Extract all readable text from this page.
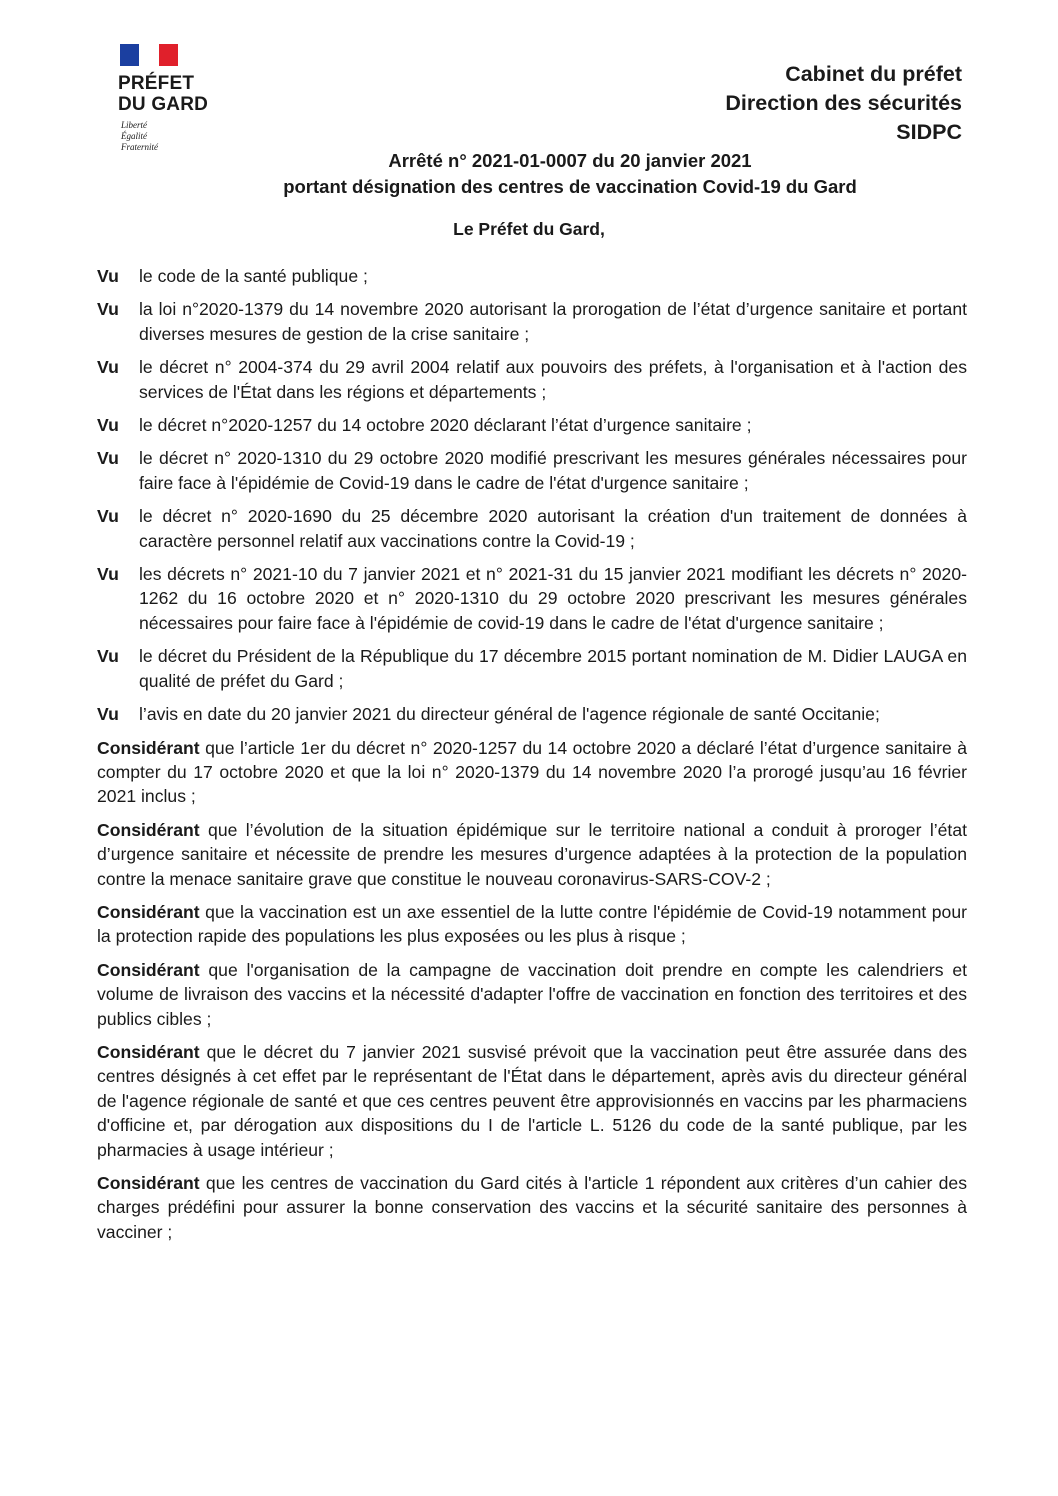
PRÉFET
DU GARD
Liberté
Égalité
Fraternité
Cabinet du préfet
Direction des sécurités
SIDPC
Arrêté n° 2021-01-0007 du 20 janvier 2021
portant désignation des centres de vaccination Covid-19 du Gard
Le Préfet du Gard,
Vu	le code de la santé publique ;
Vu	la loi n°2020-1379 du 14 novembre 2020 autorisant la prorogation de l’état d’urgence sanitaire et portant diverses mesures de gestion de la crise sanitaire ;
Vu	le décret n° 2004-374 du 29 avril 2004 relatif aux pouvoirs des préfets, à l'organisation et à l'action des services de l'État dans les régions et départements ;
Vu	le décret n°2020-1257 du 14 octobre 2020 déclarant l’état d’urgence sanitaire ;
Vu	le décret n° 2020-1310 du 29 octobre 2020 modifié prescrivant les mesures générales nécessaires pour faire face à l'épidémie de Covid-19 dans le cadre de l'état d'urgence sanitaire ;
Vu	le décret n° 2020-1690 du 25 décembre 2020 autorisant la création d'un traitement de données à caractère personnel relatif aux vaccinations contre la Covid-19 ;
Vu	les décrets n° 2021-10 du 7 janvier 2021 et n° 2021-31 du 15 janvier 2021 modifiant les décrets n° 2020-1262 du 16 octobre 2020 et n° 2020-1310 du 29 octobre 2020 prescrivant les mesures générales nécessaires pour faire face à l'épidémie de covid-19 dans le cadre de l'état d'urgence sanitaire ;
Vu	le décret du Président de la République du 17 décembre 2015 portant nomination de M. Didier LAUGA en qualité de préfet du Gard ;
Vu	l’avis en date du 20 janvier 2021 du directeur général de l'agence régionale de santé Occitanie;
Considérant que l’article 1er du décret n° 2020-1257 du 14 octobre 2020 a déclaré l’état d’urgence sanitaire à compter du 17 octobre 2020 et que la loi n° 2020-1379 du 14 novembre 2020 l’a prorogé jusqu’au 16 février 2021 inclus ;
Considérant que l’évolution de la situation épidémique sur le territoire national a conduit à proroger l’état d’urgence sanitaire et nécessite de prendre les mesures d’urgence adaptées à la protection de la population contre la menace sanitaire grave que constitue le nouveau coronavirus-SARS-COV-2 ;
Considérant que la vaccination est un axe essentiel de la lutte contre l'épidémie de Covid-19 notamment pour la protection rapide des populations les plus exposées ou les plus à risque ;
Considérant que l'organisation de la campagne de vaccination doit prendre en compte les calendriers et volume de livraison des vaccins et la nécessité d'adapter l'offre de vaccination en fonction des territoires et des publics cibles ;
Considérant que le décret du 7 janvier 2021 susvisé prévoit que la vaccination peut être assurée dans des centres désignés à cet effet par le représentant de l'État dans le département, après avis du directeur général de l'agence régionale de santé et que ces centres peuvent être approvisionnés en vaccins par les pharmaciens d'officine et, par dérogation aux dispositions du I de l'article L. 5126 du code de la santé publique, par les pharmacies à usage intérieur ;
Considérant que les centres de vaccination du Gard cités à l'article 1 répondent aux critères d’un cahier des charges prédéfini pour assurer la bonne conservation des vaccins et la sécurité sanitaire des personnes à vacciner ;
